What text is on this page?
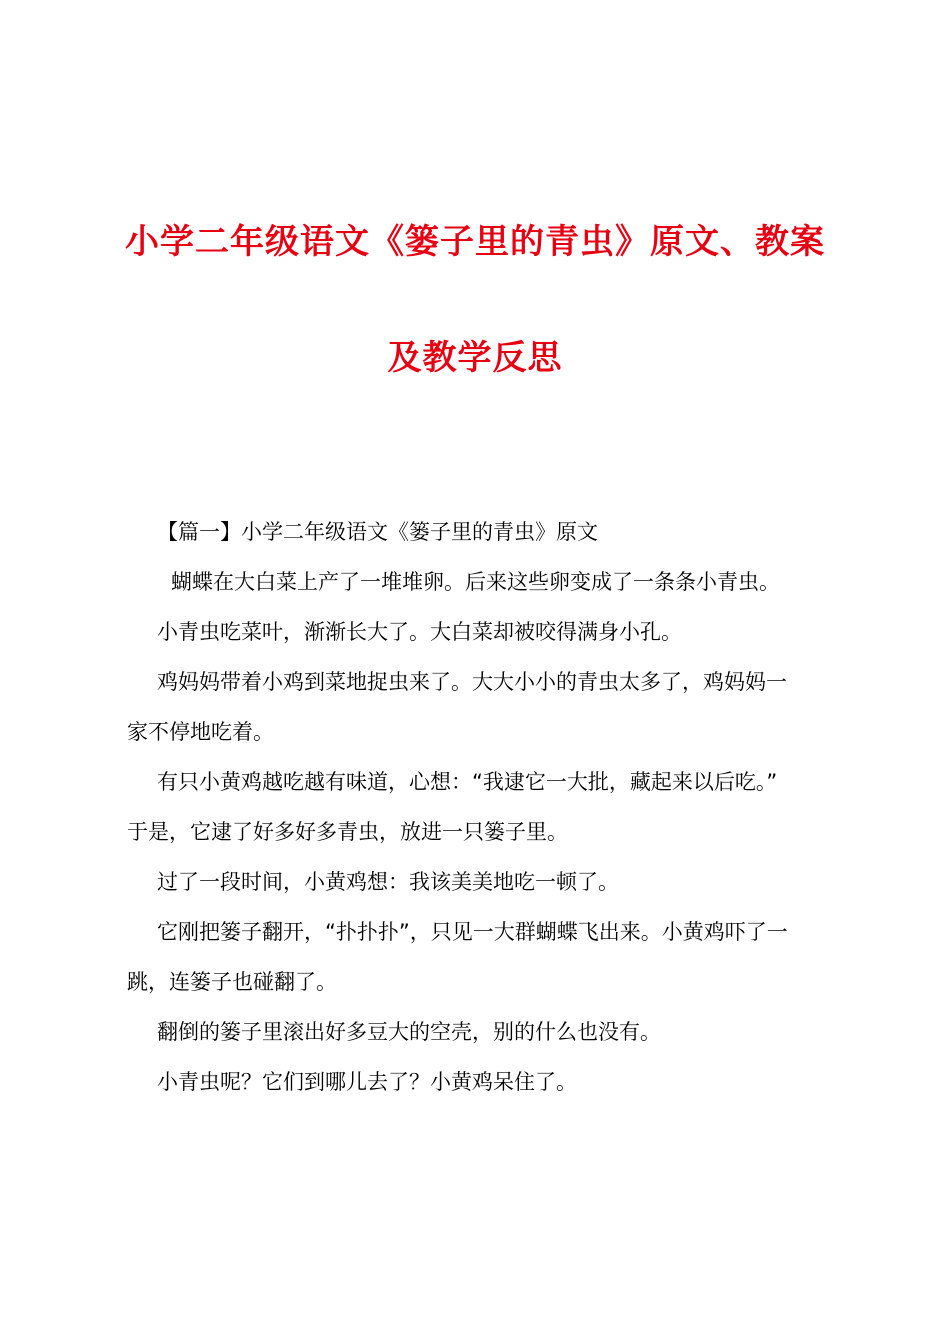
小学二年级语文《篓子里的青虫》原文、教案
及教学反思
【篇一】小学二年级语文《篓子里的青虫》原文
蝴蝶在大白菜上产了一堆堆卵。后来这些卵变成了一条条小青虫。
小青虫吃菜叶，渐渐长大了。大白菜却被咬得满身小孔。
鸡妈妈带着小鸡到菜地捉虫来了。大大小小的青虫太多了，鸡妈妈一
家不停地吃着。
有只小黄鸡越吃越有味道，心想：“我逮它一大批，藏起来以后吃。”
于是，它逮了好多好多青虫，放进一只篓子里。
过了一段时间，小黄鸡想：我该美美地吃一顿了。
它刚把篓子翻开，“扑扑扑”，只见一大群蝴蝶飞出来。小黄鸡吓了一
跳，连篓子也碰翻了。
翻倒的篓子里滚出好多豆大的空壳，别的什么也没有。
小青虫呢？它们到哪儿去了？小黄鸡呆住了。
